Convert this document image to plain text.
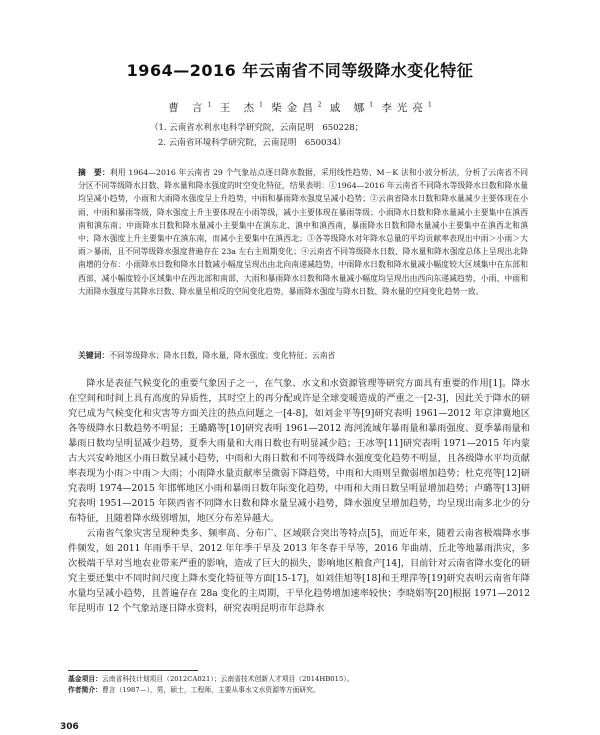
1964—2016 年云南省不同等级降水变化特征
曹 言$^1$ 王 杰$^1$ 柴金昌$^2$ 戚 娜$^1$ 李光亮$^1$
（1. 云南省水利水电科学研究院，云南昆明　650228；
2. 云南省环境科学研究院，云南昆明　650034）
摘　要：利用 1964—2016 年云南省 29 个气象站点逐日降水数据，采用线性趋势、M－K 法和小波分析法，分析了云南省不同分区不同等级降水日数、降水量和降水强度的时空变化特征，结果表明：①1964—2016 年云南省不同降水等级降水日数和降水量均呈减小趋势，小雨和大雨降水强度呈上升趋势，中雨和暴雨降水强度呈减小趋势；②云南省降水日数和降水量减少主要体现在小雨、中雨和暴雨等级，降水强度上升主要体现在小雨等级，减小主要体现在暴雨等级；小雨降水日数和降水量减小主要集中在滇西南和滇东南；中雨降水日数和降水量减小主要集中在滇东北、滇中和滇西南，暴雨降水日数和降水量减小主要集中在滇西北和滇中；降水强度上升主要集中在滇东南，而减小主要集中在滇西北；③各等级降水对年降水总量的平均贡献率表现出中雨＞小雨＞大雨＞暴雨，且不同等级降水强度普遍存在 23a 左右主周期变化；④云南省不同等级降水日数、降水量和降水强度总体上呈现出北降南增的分布：小雨降水日数和降水日数减小幅度呈现出由北向南递减趋势，中雨降水日数和降水量减小幅度较大区域集中在东部和西部，减小幅度较小区域集中在西北部和南部，大雨和暴雨降水日数和降水量减小幅度均呈现出由西向东递减趋势，小雨、中雨和大雨降水强度与其降水日数、降水量呈相反的空间变化趋势，暴雨降水强度与降水日数、降水量的空间变化趋势一致。
关键词：不同等级降水；降水日数，降水量，降水强度；变化特征；云南省

降水是表征气候变化的重要气象因子之一，在气象、水文和水资源管理等研究方面具有重要的作用[1]。降水在空间和时间上具有高度的异质性，其时空上的再分配或许是全球变暖造成的严重之一[2-3]，因此关于降水的研究已成为气候变化和灾害等方面关注的热点问题之一[4-8]，如刘金平等[9]研究表明 1961—2012 年京津冀地区各等级降水日数趋势不明显；王璐璐等[10]研究表明 1961—2012 海河流域年暴雨量和暴雨强度、夏季暴雨量和暴雨日数均呈明显减少趋势，夏季大雨量和大雨日数也有明显减少趋；王冰等[11]研究表明 1971—2015 年内蒙古大兴安岭地区小雨日数呈减小趋势，中雨和大雨日数和不同等级降水强度变化趋势不明显，且各级降水平均贡献率表现为小雨＞中雨＞大雨；小雨降水量贡献率呈微弱下降趋势，中雨和大雨则呈微弱增加趋势；杜克亮等[12]研究表明 1974—2015 年邯郸地区小雨和暴雨日数年际变化趋势，中雨和大雨日数呈明显增加趋势；卢璐等[13]研究表明 1951—2015 年陕西省不同降水日数和降水量呈减小趋势，降水强度呈增加趋势，均呈现出南多北少的分布特征，且随着降水级别增加，地区分布差异越大。

云南省气象灾害呈现种类多、频率高、分布广、区域联合突出等特点[5]，而近年来，随着云南省极端降水事件频发，如 2011 年雨季干旱、2012 年年季干旱及 2013 年冬春干旱等，2016 年曲靖、丘北等地暴雨洪灾，多次极端干旱对当地农业带来严重的影响，造成了巨大的损失，影响地区粮食产[14]，目前针对云南省降水变化的研究主要还集中不同时间尺度上降水变化特征等方面[15-17]，如刘佳旭等[18]和王理萍等[19]研究表明云南省年降水量均呈减小趋势，且普遍存在 28a 变化的主周期，干旱化趋势增加速率较快；李晓娟等[20]根据 1971—2012 年昆明市 12 个气象站逐日降水资料，研究表明昆明市年总降水

基金项目：云南省科技计划项目（2012CA021）；云南省技术创新人才项目（2014HB015）。
作者简介：曹言（1987—），男，硕士，工程师，主要从事水文水资源等方面研究。
306
